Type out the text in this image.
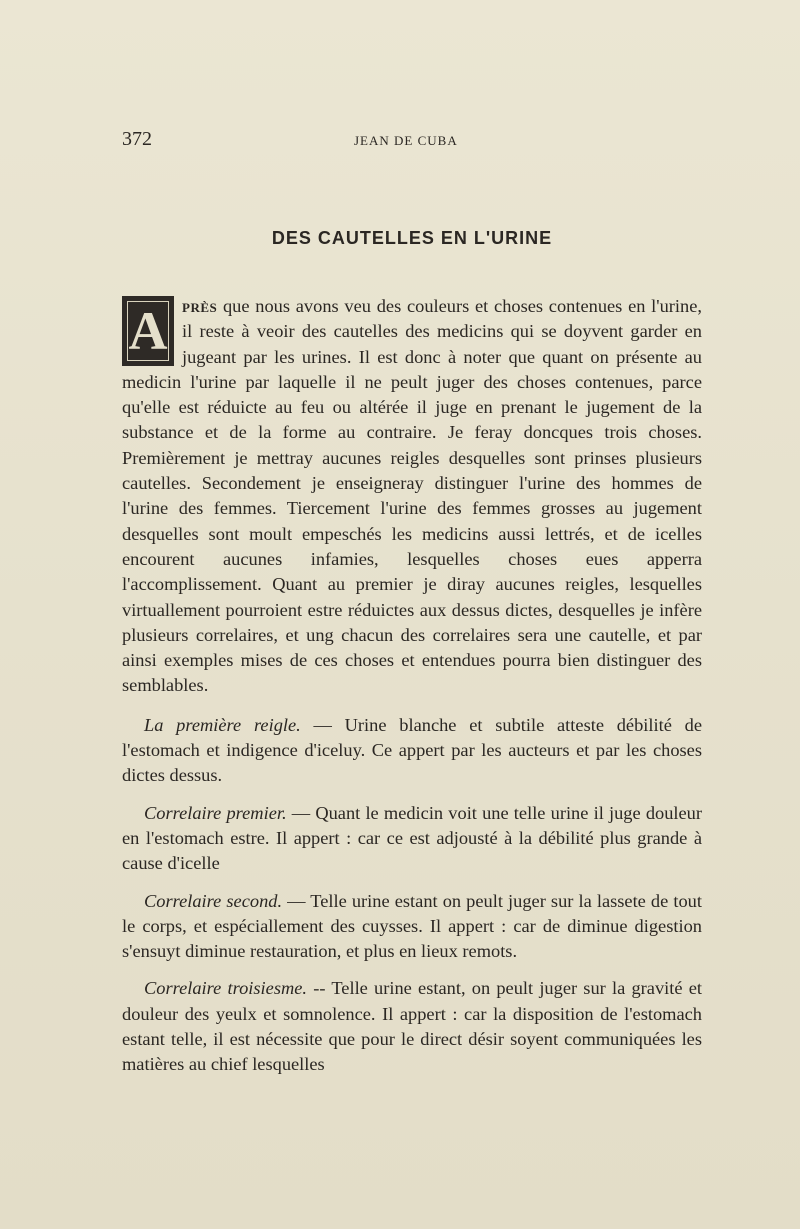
372	JEAN DE CUBA
DES CAUTELLES EN L'URINE

A près que nous avons veu des couleurs et choses contenues en l'urine, il reste à veoir des cautelles des medicins qui se doyvent garder en jugeant par les urines. Il est donc à noter que quant on présente au medicin l'urine par laquelle il ne peult juger des choses contenues, parce qu'elle est réduicte au feu ou altérée il juge en prenant le jugement de la substance et de la forme au contraire. Je feray doncques trois choses. Premièrement je mettray aucunes reigles desquelles sont prinses plusieurs cautelles. Secondement je enseigneray distinguer l'urine des hommes de l'urine des femmes. Tiercement l'urine des femmes grosses au jugement desquelles sont moult empeschés les medicins aussi lettrés, et de icelles encourent aucunes infamies, lesquelles choses eues apperra l'accomplissement. Quant au premier je diray aucunes reigles, lesquelles virtuallement pourroient estre réduictes aux dessus dictes, desquelles je infère plusieurs correlaires, et ung chacun des correlaires sera une cautelle, et par ainsi exemples mises de ces choses et entendues pourra bien distinguer des semblables.

La première reigle. — Urine blanche et subtile atteste débilité de l'estomach et indigence d'iceluy. Ce appert par les aucteurs et par les choses dictes dessus.

Correlaire premier. — Quant le medicin voit une telle urine il juge douleur en l'estomach estre. Il appert : car ce est adjousté à la débilité plus grande à cause d'icelle

Correlaire second. — Telle urine estant on peult juger sur la lassete de tout le corps, et espéciallement des cuysses. Il appert : car de diminue digestion s'ensuyt diminue restauration, et plus en lieux remots.

Correlaire troisiesme. -- Telle urine estant, on peult juger sur la gravité et douleur des yeulx et somnolence. Il appert : car la disposition de l'estomach estant telle, il est nécessite que pour le direct désir soyent communiquées les matières au chief lesquelles
